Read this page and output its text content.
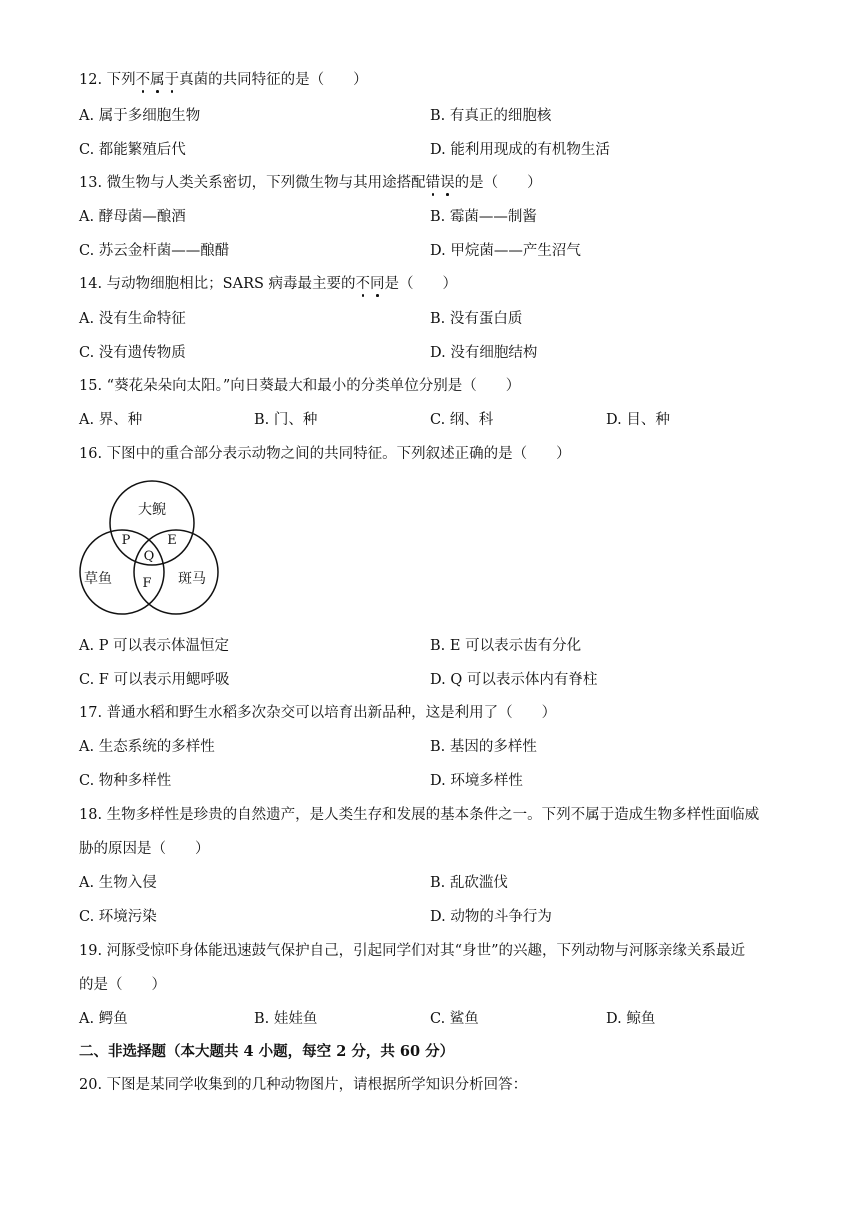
12. 下列不属于真菌的共同特征的是（　　）
A. 属于多细胞生物	B. 有真正的细胞核
C. 都能繁殖后代	D. 能利用现成的有机物生活
13. 微生物与人类关系密切，下列微生物与其用途搭配错误的是（　　）
A. 酵母菌—酿酒	B. 霉菌——制酱
C. 苏云金杆菌——酿醋	D. 甲烷菌——产生沼气
14. 与动物细胞相比；SARS 病毒最主要的不同是（　　）
A. 没有生命特征	B. 没有蛋白质
C. 没有遗传物质	D. 没有细胞结构
15. “葵花朵朵向太阳。”向日葵最大和最小的分类单位分别是（　　）
A. 界、种	B. 门、种	C. 纲、科	D. 目、种
16. 下图中的重合部分表示动物之间的共同特征。下列叙述正确的是（　　）
大鲵
草鱼	斑马
P	E
Q
F
A. P 可以表示体温恒定	B. E 可以表示齿有分化
C. F 可以表示用鳃呼吸	D. Q 可以表示体内有脊柱
17. 普通水稻和野生水稻多次杂交可以培育出新品种，这是利用了（　　）
A. 生态系统的多样性	B. 基因的多样性
C. 物种多样性	D. 环境多样性
18. 生物多样性是珍贵的自然遗产，是人类生存和发展的基本条件之一。下列不属于造成生物多样性面临威
胁的原因是（　　）
A. 生物入侵	B. 乱砍滥伐
C. 环境污染	D. 动物的斗争行为
19. 河豚受惊吓身体能迅速鼓气保护自己，引起同学们对其“身世”的兴趣，下列动物与河豚亲缘关系最近
的是（　　）
A. 鳄鱼	B. 娃娃鱼	C. 鲨鱼	D. 鲸鱼
二、非选择题（本大题共 4 小题，每空 2 分，共 60 分）
20. 下图是某同学收集到的几种动物图片，请根据所学知识分析回答：
